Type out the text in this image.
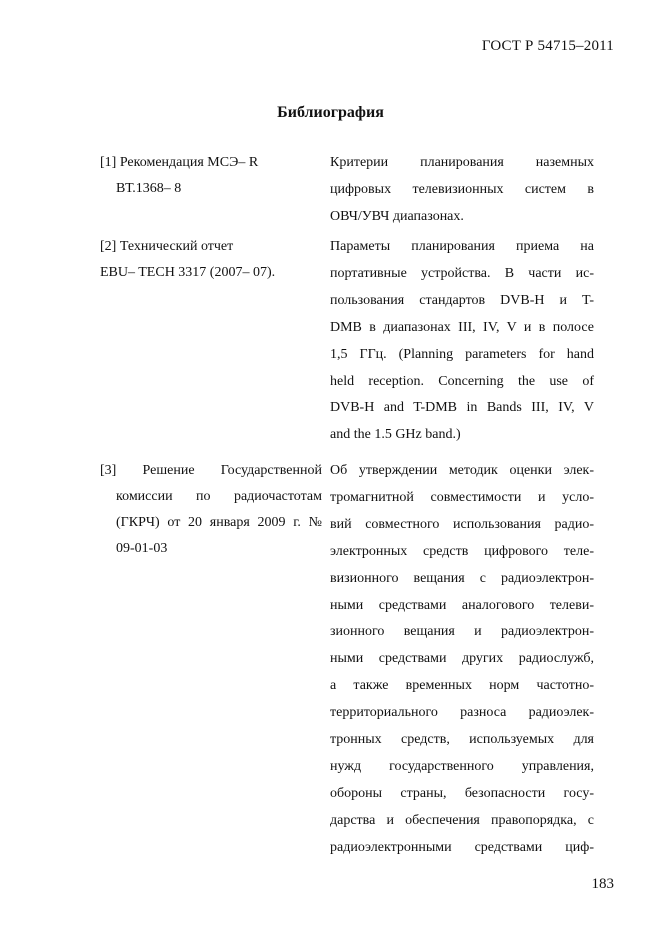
ГОСТ Р 54715–2011
Библиография
[1] Рекомендация МСЭ– R
ВТ.1368– 8
Критерии планирования наземных
цифровых телевизионных систем в
ОВЧ/УВЧ диапазонах.
[2] Технический отчет
EBU– TECH 3317 (2007– 07).
Параметы планирования приема на
портативные устройства. В части ис-
пользования стандартов DVB-H и T-
DMB в диапазонах III, IV, V и в полосе
1,5 ГГц. (Planning parameters for hand
held reception. Concerning the use of
DVB-H and T-DMB in Bands III, IV, V
and the 1.5 GHz band.)
[3] Решение Государственной
комиссии по радиочастотам
(ГКРЧ) от 20 января 2009 г. №
09-01-03
Об утверждении методик оценки элек-
тромагнитной совместимости и усло-
вий совместного использования радио-
электронных средств цифрового теле-
визионного вещания с радиоэлектрон-
ными средствами аналогового телеви-
зионного вещания и радиоэлектрон-
ными средствами других радиослужб,
а также временных норм частотно-
территориального разноса радиоэлек-
тронных средств, используемых для
нужд государственного управления,
обороны страны, безопасности госу-
дарства и обеспечения правопорядка, с
радиоэлектронными средствами циф-
183
